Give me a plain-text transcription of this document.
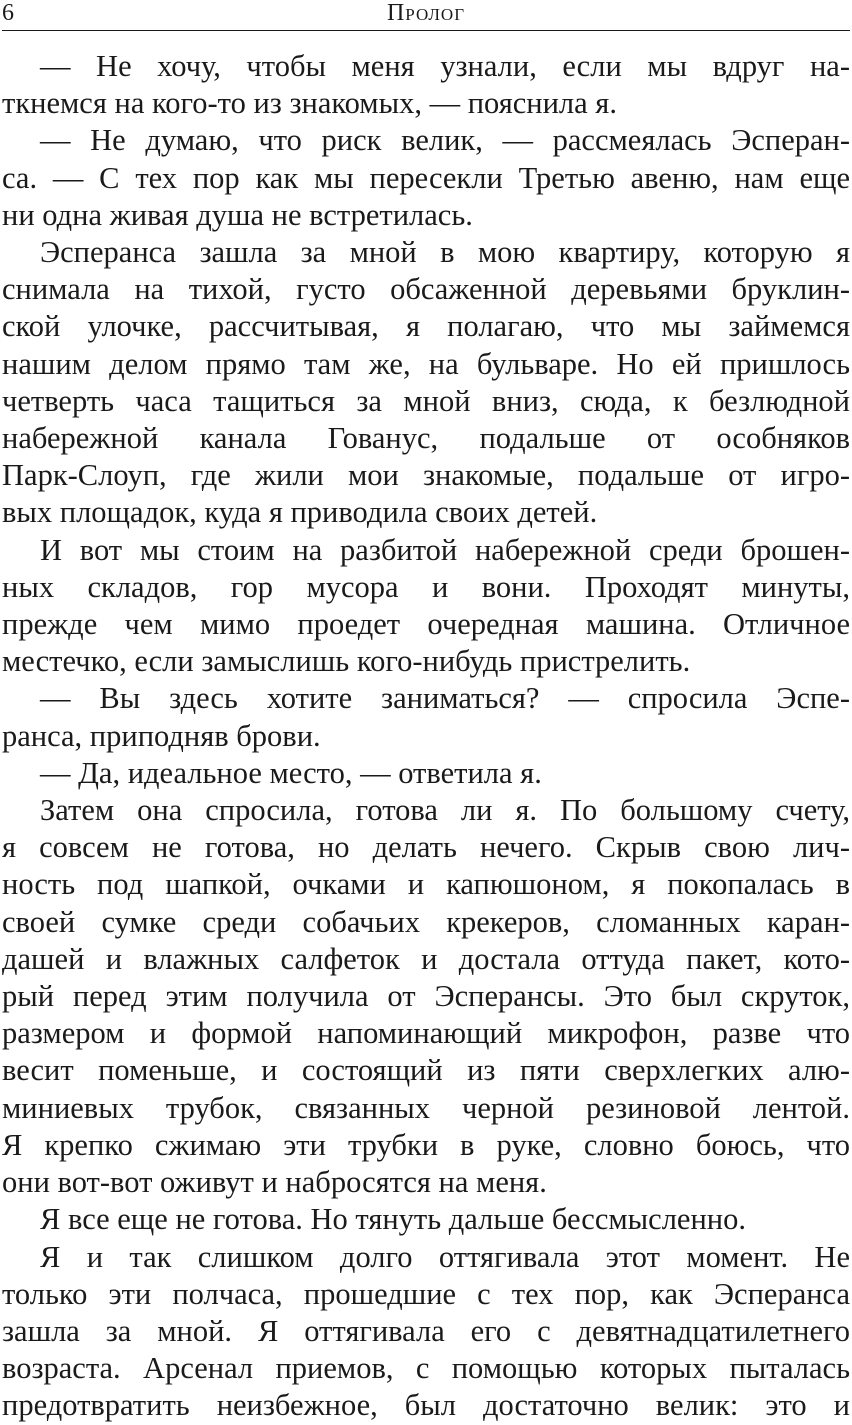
6	Пролог
— Не хочу, чтобы меня узнали, если мы вдруг на-
ткнемся на кого-то из знакомых, — пояснила я.
— Не думаю, что риск велик, — рассмеялась Эсперан-
са. — С тех пор как мы пересекли Третью авеню, нам еще
ни одна живая душа не встретилась.
Эсперанса зашла за мной в мою квартиру, которую я
снимала на тихой, густо обсаженной деревьями бруклин-
ской улочке, рассчитывая, я полагаю, что мы займемся
нашим делом прямо там же, на бульваре. Но ей пришлось
четверть часа тащиться за мной вниз, сюда, к безлюдной
набережной канала Гованус, подальше от особняков
Парк-Слоуп, где жили мои знакомые, подальше от игро-
вых площадок, куда я приводила своих детей.
И вот мы стоим на разбитой набережной среди брошен-
ных складов, гор мусора и вони. Проходят минуты,
прежде чем мимо проедет очередная машина. Отличное
местечко, если замыслишь кого-нибудь пристрелить.
— Вы здесь хотите заниматься? — спросила Эспе-
ранса, приподняв брови.
— Да, идеальное место, — ответила я.
Затем она спросила, готова ли я. По большому счету,
я совсем не готова, но делать нечего. Скрыв свою лич-
ность под шапкой, очками и капюшоном, я покопалась в
своей сумке среди собачьих крекеров, сломанных каран-
дашей и влажных салфеток и достала оттуда пакет, кото-
рый перед этим получила от Эсперансы. Это был скруток,
размером и формой напоминающий микрофон, разве что
весит поменьше, и состоящий из пяти сверхлегких алю-
миниевых трубок, связанных черной резиновой лентой.
Я крепко сжимаю эти трубки в руке, словно боюсь, что
они вот-вот оживут и набросятся на меня.
Я все еще не готова. Но тянуть дальше бессмысленно.
Я и так слишком долго оттягивала этот момент. Не
только эти полчаса, прошедшие с тех пор, как Эсперанса
зашла за мной. Я оттягивала его с девятнадцатилетнего
возраста. Арсенал приемов, с помощью которых пыталась
предотвратить неизбежное, был достаточно велик: это и
